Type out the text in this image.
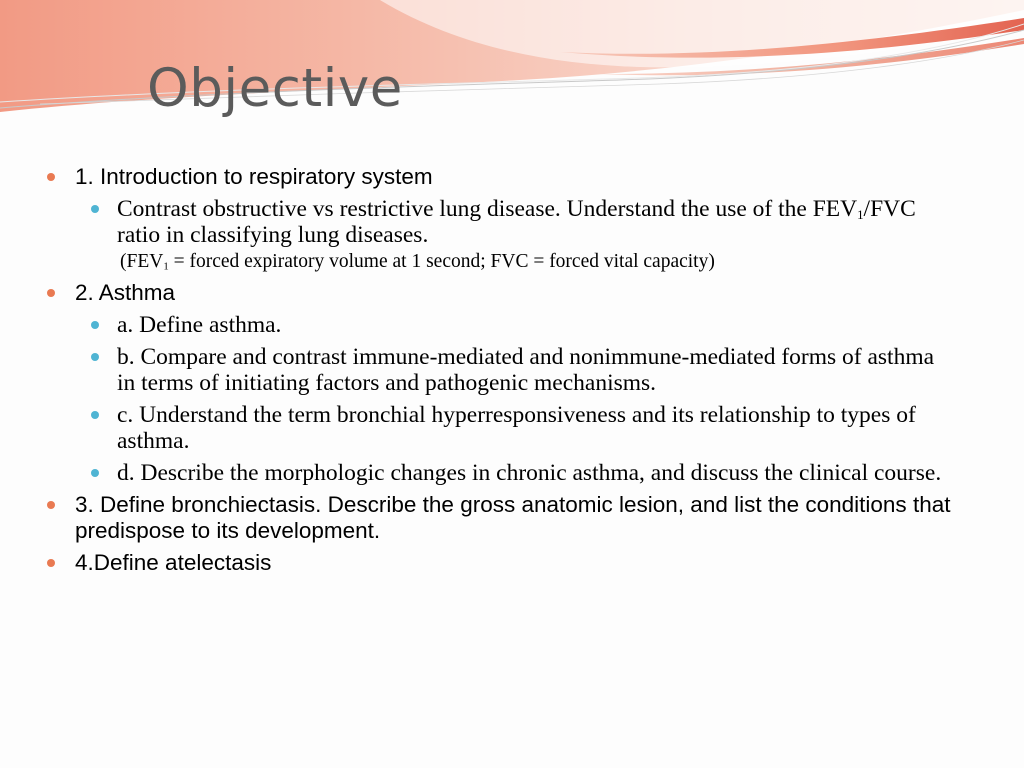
Objective
1. Introduction to respiratory system
Contrast obstructive vs restrictive lung disease. Understand the use of the $FEV_1$/FVC ratio in classifying lung diseases.
($FEV_1$ = forced expiratory volume at 1 second; FVC = forced vital capacity)
2. Asthma
a. Define asthma.
b. Compare and contrast immune-mediated and nonimmune-mediated forms of asthma in terms of initiating factors and pathogenic mechanisms.
c. Understand the term bronchial hyperresponsiveness and its relationship to types of asthma.
d. Describe the morphologic changes in chronic asthma, and discuss the clinical course.
3. Define bronchiectasis. Describe the gross anatomic lesion, and list the conditions that predispose to its development.
4.Define atelectasis
